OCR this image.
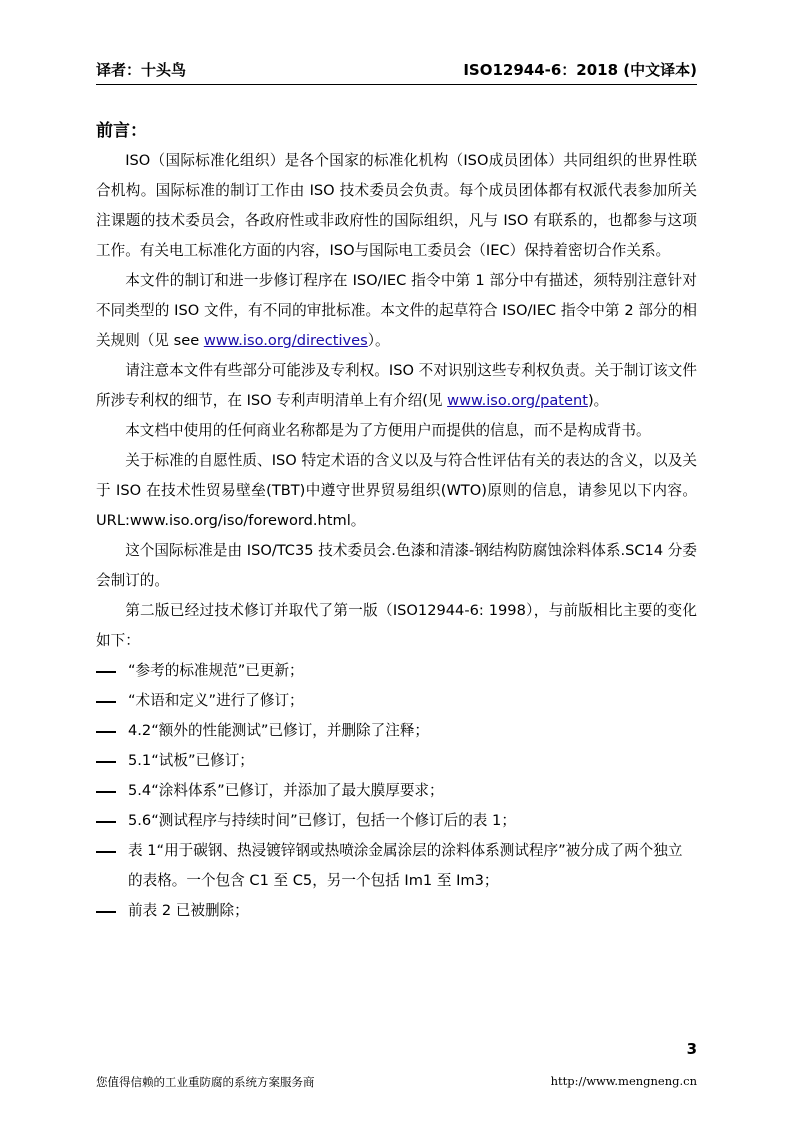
译者：十头鸟	ISO12944-6：2018 (中文译本)
前言：

ISO（国际标准化组织）是各个国家的标准化机构（ISO成员团体）共同组织的世界性联合机构。国际标准的制订工作由 ISO 技术委员会负责。每个成员团体都有权派代表参加所关注课题的技术委员会，各政府性或非政府性的国际组织，凡与 ISO 有联系的，也都参与这项工作。有关电工标准化方面的内容，ISO与国际电工委员会（IEC）保持着密切合作关系。

本文件的制订和进一步修订程序在 ISO/IEC 指令中第 1 部分中有描述，须特别注意针对不同类型的 ISO 文件，有不同的审批标准。本文件的起草符合 ISO/IEC 指令中第 2 部分的相关规则（见 see www.iso.org/directives）。

请注意本文件有些部分可能涉及专利权。ISO 不对识别这些专利权负责。关于制订该文件所涉专利权的细节，在 ISO 专利声明清单上有介绍(见 www.iso.org/patent)。

本文档中使用的任何商业名称都是为了方便用户而提供的信息，而不是构成背书。

关于标准的自愿性质、ISO 特定术语的含义以及与符合性评估有关的表达的含义，以及关于 ISO 在技术性贸易壁垒(TBT)中遵守世界贸易组织(WTO)原则的信息，请参见以下内容。URL:www.iso.org/iso/foreword.html。

这个国际标准是由 ISO/TC35 技术委员会.色漆和清漆-钢结构防腐蚀涂料体系.SC14 分委会制订的。

第二版已经过技术修订并取代了第一版（ISO12944-6: 1998），与前版相比主要的变化如下：

“参考的标准规范”已更新；
“术语和定义”进行了修订；
4.2“额外的性能测试”已修订，并删除了注释；
5.1“试板”已修订；
5.4“涂料体系”已修订，并添加了最大膜厚要求；
5.6“测试程序与持续时间”已修订，包括一个修订后的表 1；
表 1“用于碳钢、热浸镀锌钢或热喷涂金属涂层的涂料体系测试程序”被分成了两个独立的表格。一个包含 C1 至 C5，另一个包括 Im1 至 Im3；
前表 2 已被删除；
3
您值得信赖的工业重防腐的系统方案服务商	http://www.mengneng.cn
